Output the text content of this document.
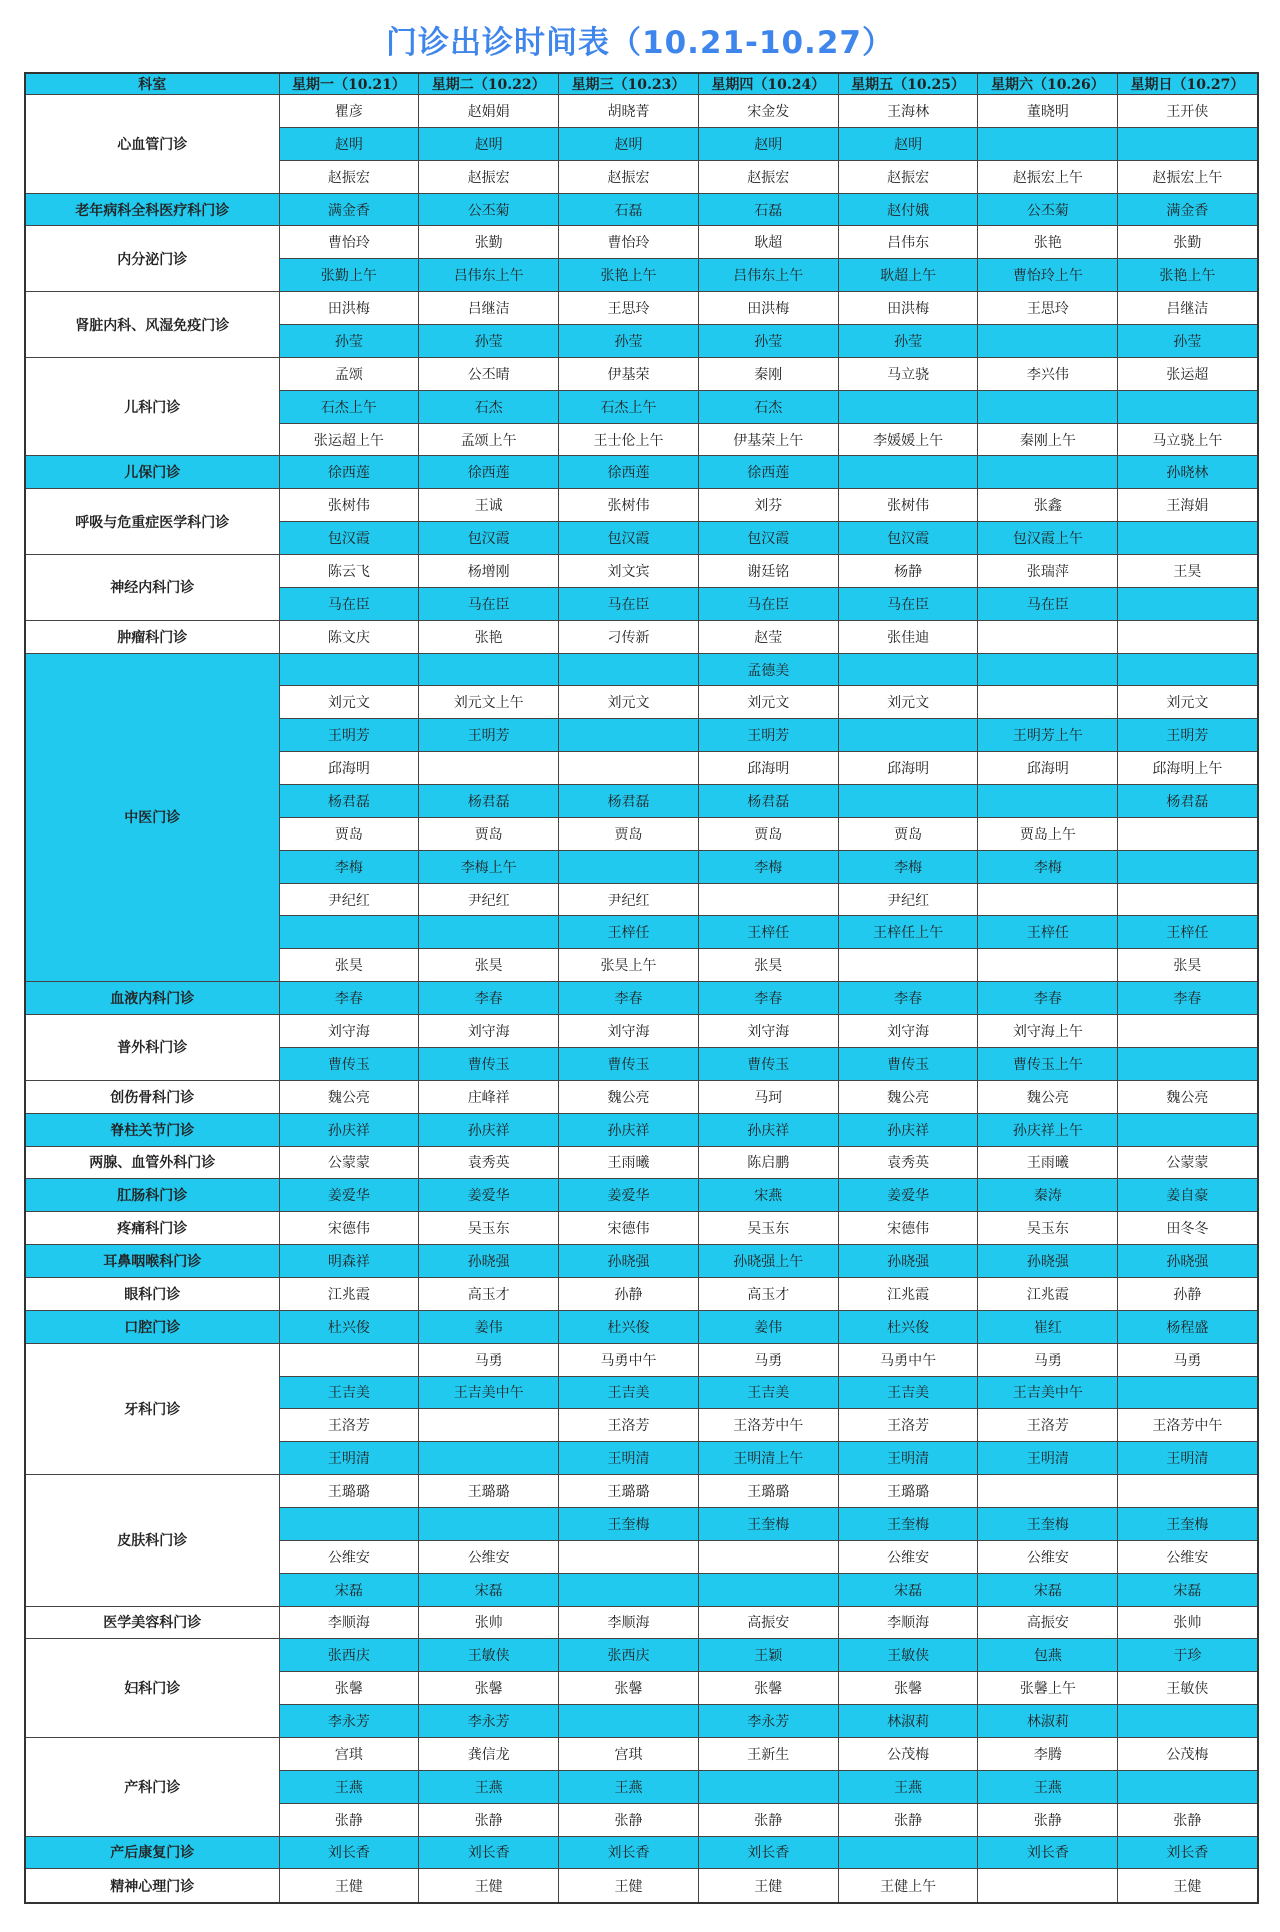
门诊出诊时间表（10.21-10.27）
科室	星期一（10.21）	星期二（10.22）	星期三（10.23）	星期四（10.24）	星期五（10.25）	星期六（10.26）	星期日（10.27）
心血管门诊	瞿彦	赵娟娟	胡晓菁	宋金发	王海林	董晓明	王开侠
	赵明	赵明	赵明	赵明	赵明		
	赵振宏	赵振宏	赵振宏	赵振宏	赵振宏	赵振宏上午	赵振宏上午
老年病科全科医疗科门诊	满金香	公丕菊	石磊	石磊	赵付娥	公丕菊	满金香
内分泌门诊	曹怡玲	张勤	曹怡玲	耿超	吕伟东	张艳	张勤
	张勤上午	吕伟东上午	张艳上午	吕伟东上午	耿超上午	曹怡玲上午	张艳上午
肾脏内科、风湿免疫门诊	田洪梅	吕继洁	王思玲	田洪梅	田洪梅	王思玲	吕继洁
	孙莹	孙莹	孙莹	孙莹	孙莹		孙莹
儿科门诊	孟颂	公丕晴	伊基荣	秦刚	马立骁	李兴伟	张运超
	石杰上午	石杰	石杰上午	石杰			
	张运超上午	孟颂上午	王士伦上午	伊基荣上午	李媛媛上午	秦刚上午	马立骁上午
儿保门诊	徐西莲	徐西莲	徐西莲	徐西莲			孙晓林
呼吸与危重症医学科门诊	张树伟	王诚	张树伟	刘芬	张树伟	张鑫	王海娟
	包汉霞	包汉霞	包汉霞	包汉霞	包汉霞	包汉霞上午	
神经内科门诊	陈云飞	杨增刚	刘文宾	谢廷铭	杨静	张瑞萍	王昊
	马在臣	马在臣	马在臣	马在臣	马在臣	马在臣	
肿瘤科门诊	陈文庆	张艳	刁传新	赵莹	张佳迪		
中医门诊				孟德美			
	刘元文	刘元文上午	刘元文	刘元文	刘元文		刘元文
	王明芳	王明芳		王明芳		王明芳上午	王明芳
	邱海明			邱海明	邱海明	邱海明	邱海明上午
	杨君磊	杨君磊	杨君磊	杨君磊			杨君磊
	贾岛	贾岛	贾岛	贾岛	贾岛	贾岛上午	
	李梅	李梅上午		李梅	李梅	李梅	
	尹纪红	尹纪红	尹纪红		尹纪红		
			王梓任	王梓任	王梓任上午	王梓任	王梓任
	张昊	张昊	张昊上午	张昊			张昊
血液内科门诊	李春	李春	李春	李春	李春	李春	李春
普外科门诊	刘守海	刘守海	刘守海	刘守海	刘守海	刘守海上午	
	曹传玉	曹传玉	曹传玉	曹传玉	曹传玉	曹传玉上午	
创伤骨科门诊	魏公亮	庄峰祥	魏公亮	马珂	魏公亮	魏公亮	魏公亮
脊柱关节门诊	孙庆祥	孙庆祥	孙庆祥	孙庆祥	孙庆祥	孙庆祥上午	
两腺、血管外科门诊	公蒙蒙	袁秀英	王雨曦	陈启鹏	袁秀英	王雨曦	公蒙蒙
肛肠科门诊	姜爱华	姜爱华	姜爱华	宋燕	姜爱华	秦涛	姜自豪
疼痛科门诊	宋德伟	吴玉东	宋德伟	吴玉东	宋德伟	吴玉东	田冬冬
耳鼻咽喉科门诊	明森祥	孙晓强	孙晓强	孙晓强上午	孙晓强	孙晓强	孙晓强
眼科门诊	江兆霞	高玉才	孙静	高玉才	江兆霞	江兆霞	孙静
口腔门诊	杜兴俊	姜伟	杜兴俊	姜伟	杜兴俊	崔红	杨程盛
牙科门诊		马勇	马勇中午	马勇	马勇中午	马勇	马勇
	王吉美	王吉美中午	王吉美	王吉美	王吉美	王吉美中午	
	王洛芳		王洛芳	王洛芳中午	王洛芳	王洛芳	王洛芳中午
	王明清		王明清	王明清上午	王明清	王明清	王明清
皮肤科门诊	王璐璐	王璐璐	王璐璐	王璐璐	王璐璐		
			王奎梅	王奎梅	王奎梅	王奎梅	王奎梅
	公维安	公维安			公维安	公维安	公维安
	宋磊	宋磊			宋磊	宋磊	宋磊
医学美容科门诊	李顺海	张帅	李顺海	高振安	李顺海	高振安	张帅
妇科门诊	张西庆	王敏侠	张西庆	王颖	王敏侠	包燕	于珍
	张馨	张馨	张馨	张馨	张馨	张馨上午	王敏侠
	李永芳	李永芳		李永芳	林淑莉	林淑莉	
产科门诊	宫琪	龚信龙	宫琪	王新生	公茂梅	李腾	公茂梅
	王燕	王燕	王燕		王燕	王燕	
	张静	张静	张静	张静	张静	张静	张静
产后康复门诊	刘长香	刘长香	刘长香	刘长香		刘长香	刘长香
精神心理门诊	王健	王健	王健	王健	王健上午		王健
